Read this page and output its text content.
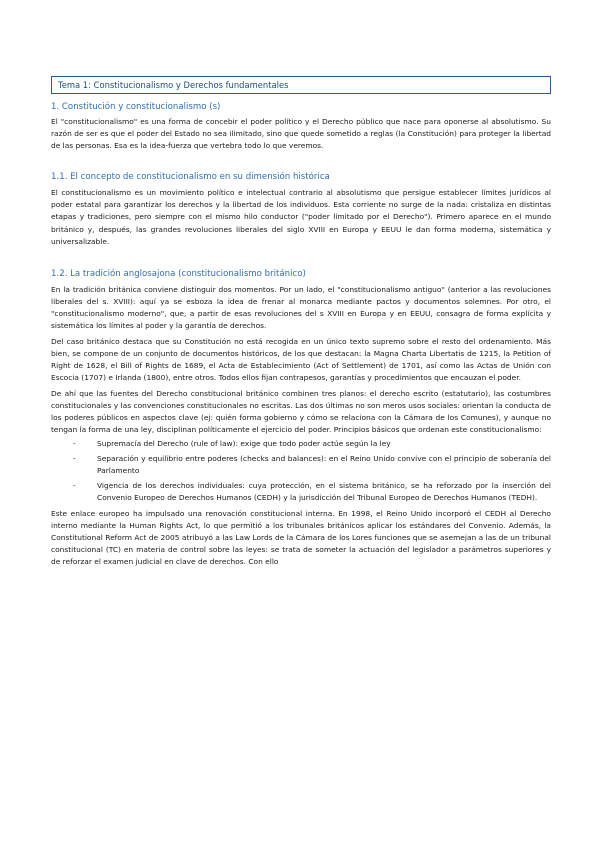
Tema 1: Constitucionalismo y Derechos fundamentales
1. Constitución y constitucionalismo (s)

El "constitucionalismo" es una forma de concebir el poder político y el Derecho público que nace para oponerse al absolutismo. Su razón de ser es que el poder del Estado no sea ilimitado, sino que quede sometido a reglas (la Constitución) para proteger la libertad de las personas. Esa es la idea-fuerza que vertebra todo lo que veremos.

1.1. El concepto de constitucionalismo en su dimensión histórica

El constitucionalismo es un movimiento político e intelectual contrario al absolutismo que persigue establecer límites jurídicos al poder estatal para garantizar los derechos y la libertad de los individuos. Esta corriente no surge de la nada: cristaliza en distintas etapas y tradiciones, pero siempre con el mismo hilo conductor ("poder limitado por el Derecho"). Primero aparece en el mundo británico y, después, las grandes revoluciones liberales del siglo XVIII en Europa y EEUU le dan forma moderna, sistemática y universalizable.

1.2. La tradición anglosajona (constitucionalismo británico)

En la tradición británica conviene distinguir dos momentos. Por un lado, el "constitucionalismo antiguo" (anterior a las revoluciones liberales del s. XVIII): aquí ya se esboza la idea de frenar al monarca mediante pactos y documentos solemnes. Por otro, el "constitucionalismo moderno", que, a partir de esas revoluciones del s XVIII en Europa y en EEUU, consagra de forma explícita y sistemática los límites al poder y la garantía de derechos.

Del caso británico destaca que su Constitución no está recogida en un único texto supremo sobre el resto del ordenamiento. Más bien, se compone de un conjunto de documentos históricos, de los que destacan: la Magna Charta Libertatis de 1215, la Petition of Right de 1628, el Bill of Rights de 1689, el Acta de Establecimiento (Act of Settlement) de 1701, así como las Actas de Unión con Escocia (1707) e Irlanda (1800), entre otros. Todos ellos fijan contrapesos, garantías y procedimientos que encauzan el poder.

De ahí que las fuentes del Derecho constitucional británico combinen tres planos: el derecho escrito (estatutario), las costumbres constitucionales y las convenciones constitucionales no escritas. Las dos últimas no son meros usos sociales: orientan la conducta de los poderes públicos en aspectos clave (ej: quién forma gobierno y cómo se relaciona con la Cámara de los Comunes), y aunque no tengan la forma de una ley, disciplinan políticamente el ejercicio del poder. Principios básicos que ordenan este constitucionalismo:

-	Supremacía del Derecho (rule of law): exige que todo poder actúe según la ley
-	Separación y equilibrio entre poderes (checks and balances): en el Reino Unido convive con el principio de soberanía del Parlamento
-	Vigencia de los derechos individuales: cuya protección, en el sistema británico, se ha reforzado por la inserción del Convenio Europeo de Derechos Humanos (CEDH) y la jurisdicción del Tribunal Europeo de Derechos Humanos (TEDH).

Este enlace europeo ha impulsado una renovación constitucional interna. En 1998, el Reino Unido incorporó el CEDH al Derecho interno mediante la Human Rights Act, lo que permitió a los tribunales británicos aplicar los estándares del Convenio. Además, la Constitutional Reform Act de 2005 atribuyó a las Law Lords de la Cámara de los Lores funciones que se asemejan a las de un tribunal constitucional (TC) en materia de control sobre las leyes: se trata de someter la actuación del legislador a parámetros superiores y de reforzar el examen judicial en clave de derechos. Con ello
